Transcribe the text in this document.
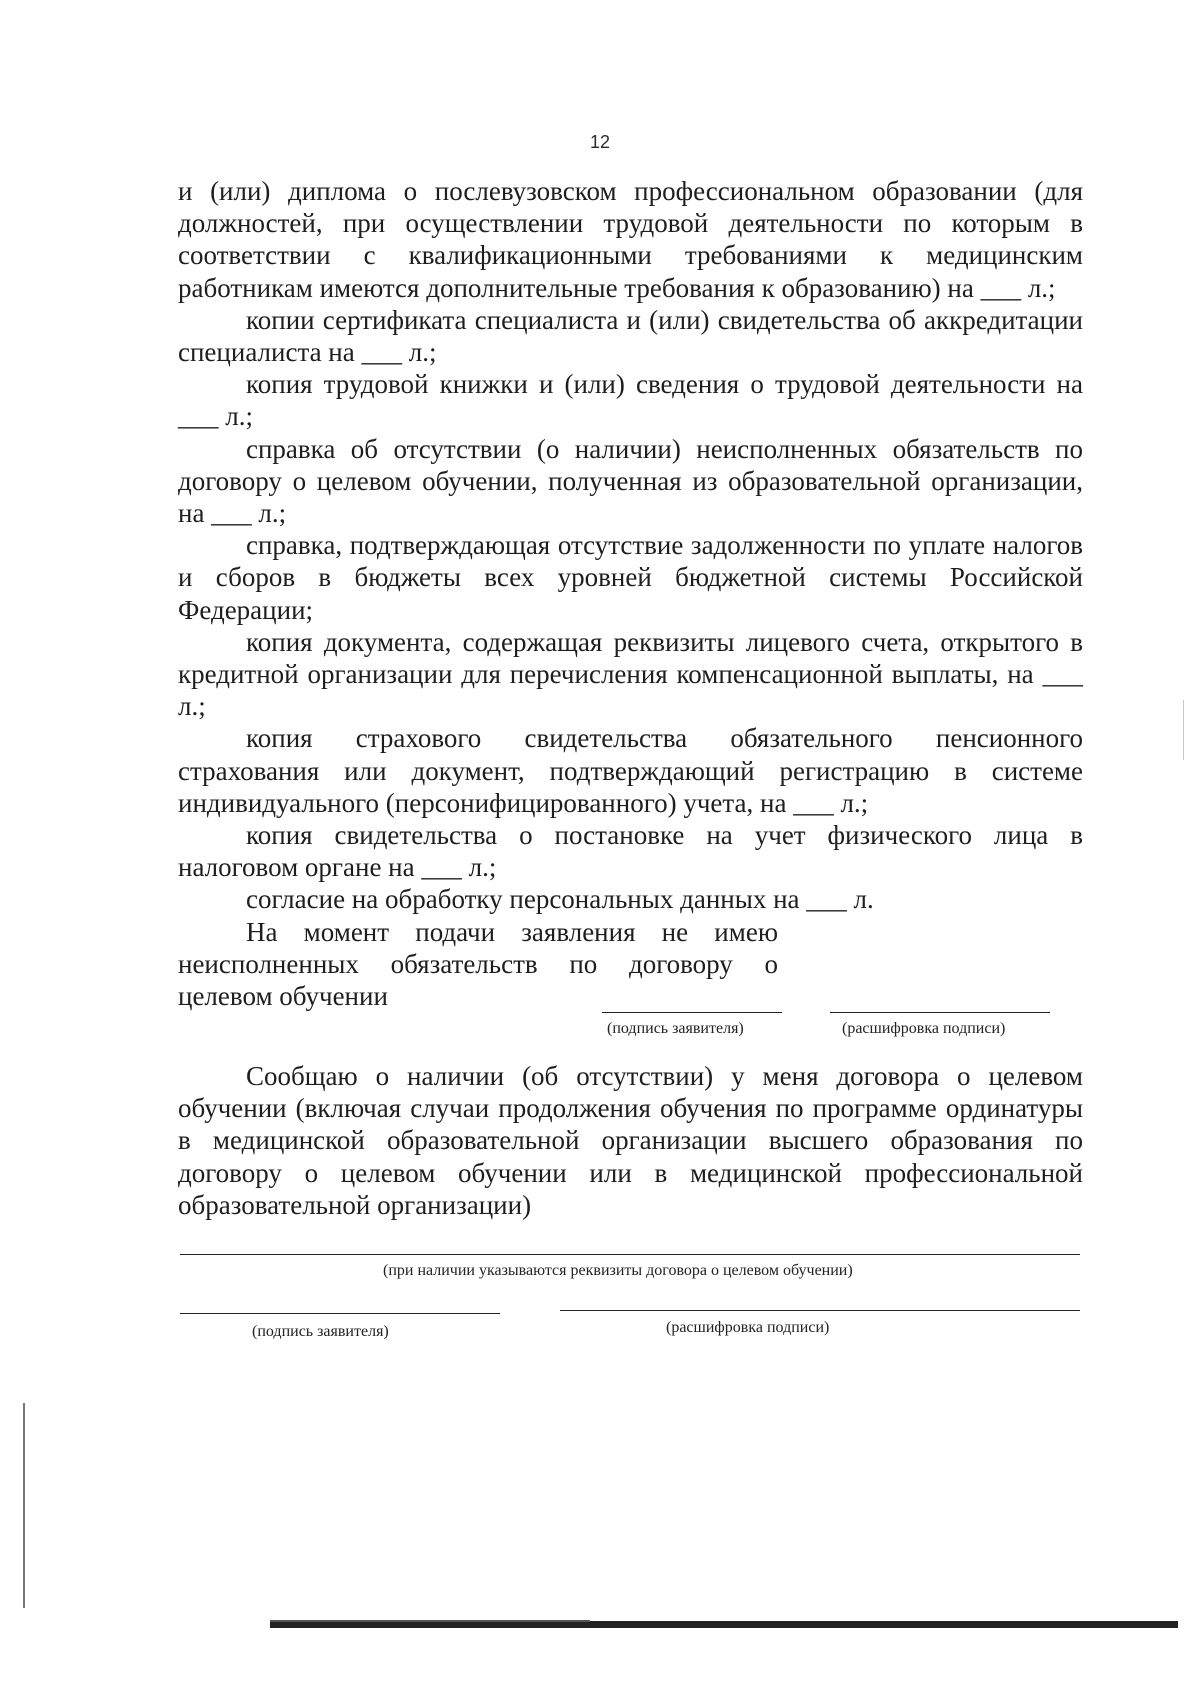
12

и (или) диплома о послевузовском профессиональном образовании (для должностей, при осуществлении трудовой деятельности по которым в соответствии с квалификационными требованиями к медицинским работникам имеются дополнительные требования к образованию) на ___ л.;

копии сертификата специалиста и (или) свидетельства об аккредитации специалиста на ___ л.;

копия трудовой книжки и (или) сведения о трудовой деятельности на ___ л.;

справка об отсутствии (о наличии) неисполненных обязательств по договору о целевом обучении, полученная из образовательной организации, на ___ л.;

справка, подтверждающая отсутствие задолженности по уплате налогов и сборов в бюджеты всех уровней бюджетной системы Российской Федерации;

копия документа, содержащая реквизиты лицевого счета, открытого в кредитной организации для перечисления компенсационной выплаты, на ___ л.;

копия страхового свидетельства обязательного пенсионного страхования или документ, подтверждающий регистрацию в системе индивидуального (персонифицированного) учета, на ___ л.;

копия свидетельства о постановке на учет физического лица в налоговом органе на ___ л.;

согласие на обработку персональных данных на ___ л.

На момент подачи заявления не имею неисполненных обязательств по договору о целевом обучении

(подпись заявителя)	(расшифровка подписи)

Сообщаю о наличии (об отсутствии) у меня договора о целевом обучении (включая случаи продолжения обучения по программе ординатуры в медицинской образовательной организации высшего образования по договору о целевом обучении или в медицинской профессиональной образовательной организации)

(при наличии указываются реквизиты договора о целевом обучении)
(подпись заявителя)	(расшифровка подписи)
